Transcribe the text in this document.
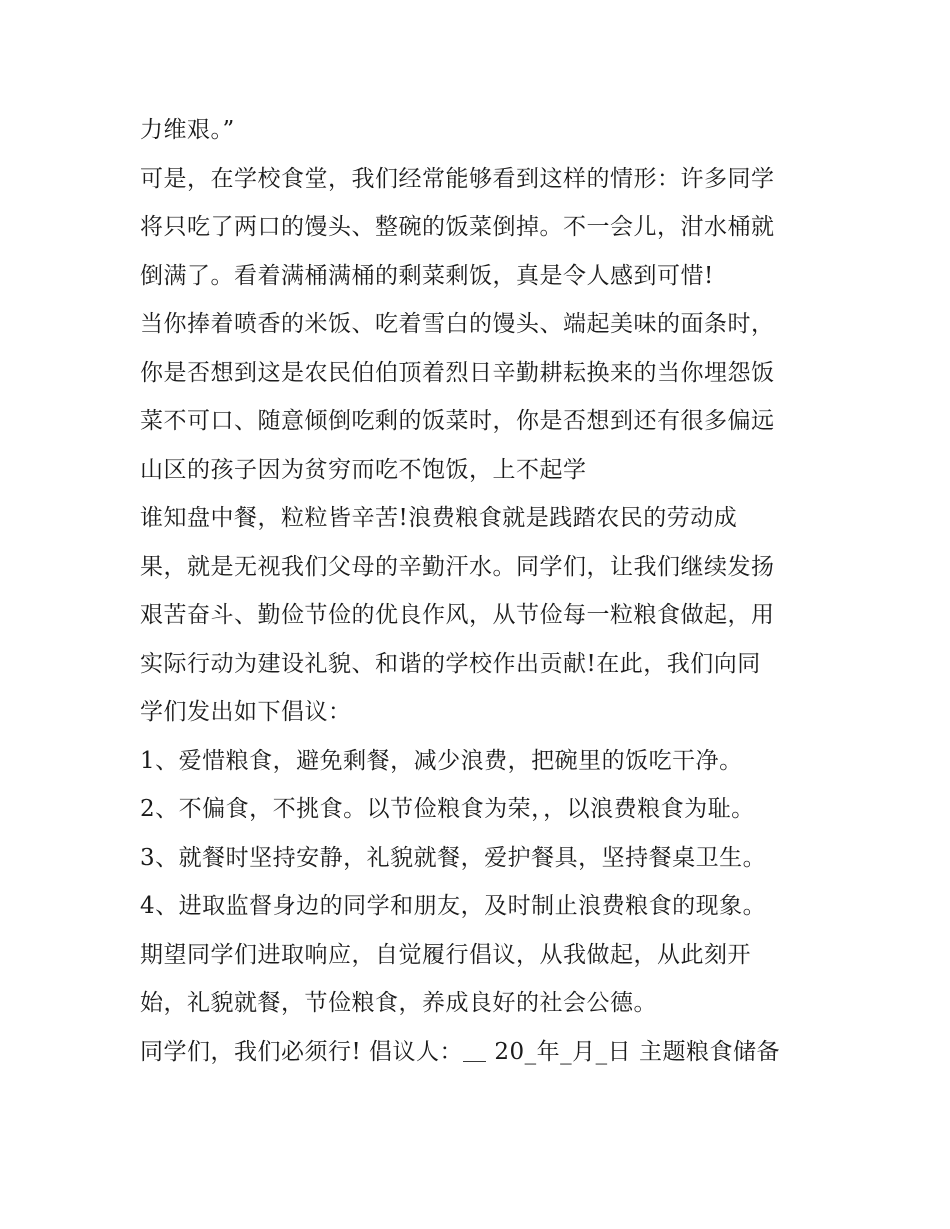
力维艰。”
可是，在学校食堂，我们经常能够看到这样的情形：许多同学
将只吃了两口的馒头、整碗的饭菜倒掉。不一会儿，泔水桶就
倒满了。看着满桶满桶的剩菜剩饭，真是令人感到可惜!
当你捧着喷香的米饭、吃着雪白的馒头、端起美味的面条时，
你是否想到这是农民伯伯顶着烈日辛勤耕耘换来的当你埋怨饭
菜不可口、随意倾倒吃剩的饭菜时，你是否想到还有很多偏远
山区的孩子因为贫穷而吃不饱饭，上不起学
谁知盘中餐，粒粒皆辛苦!浪费粮食就是践踏农民的劳动成
果，就是无视我们父母的辛勤汗水。同学们，让我们继续发扬
艰苦奋斗、勤俭节俭的优良作风，从节俭每一粒粮食做起，用
实际行动为建设礼貌、和谐的学校作出贡献!在此，我们向同
学们发出如下倡议：
1、爱惜粮食，避免剩餐，减少浪费，把碗里的饭吃干净。
2、不偏食，不挑食。以节俭粮食为荣，，以浪费粮食为耻。
3、就餐时坚持安静，礼貌就餐，爱护餐具，坚持餐桌卫生。
4、进取监督身边的同学和朋友，及时制止浪费粮食的现象。
期望同学们进取响应，自觉履行倡议，从我做起，从此刻开
始，礼貌就餐，节俭粮食，养成良好的社会公德。
同学们，我们必须行! 倡议人：＿ 20_年_月_日 主题粮食储备
